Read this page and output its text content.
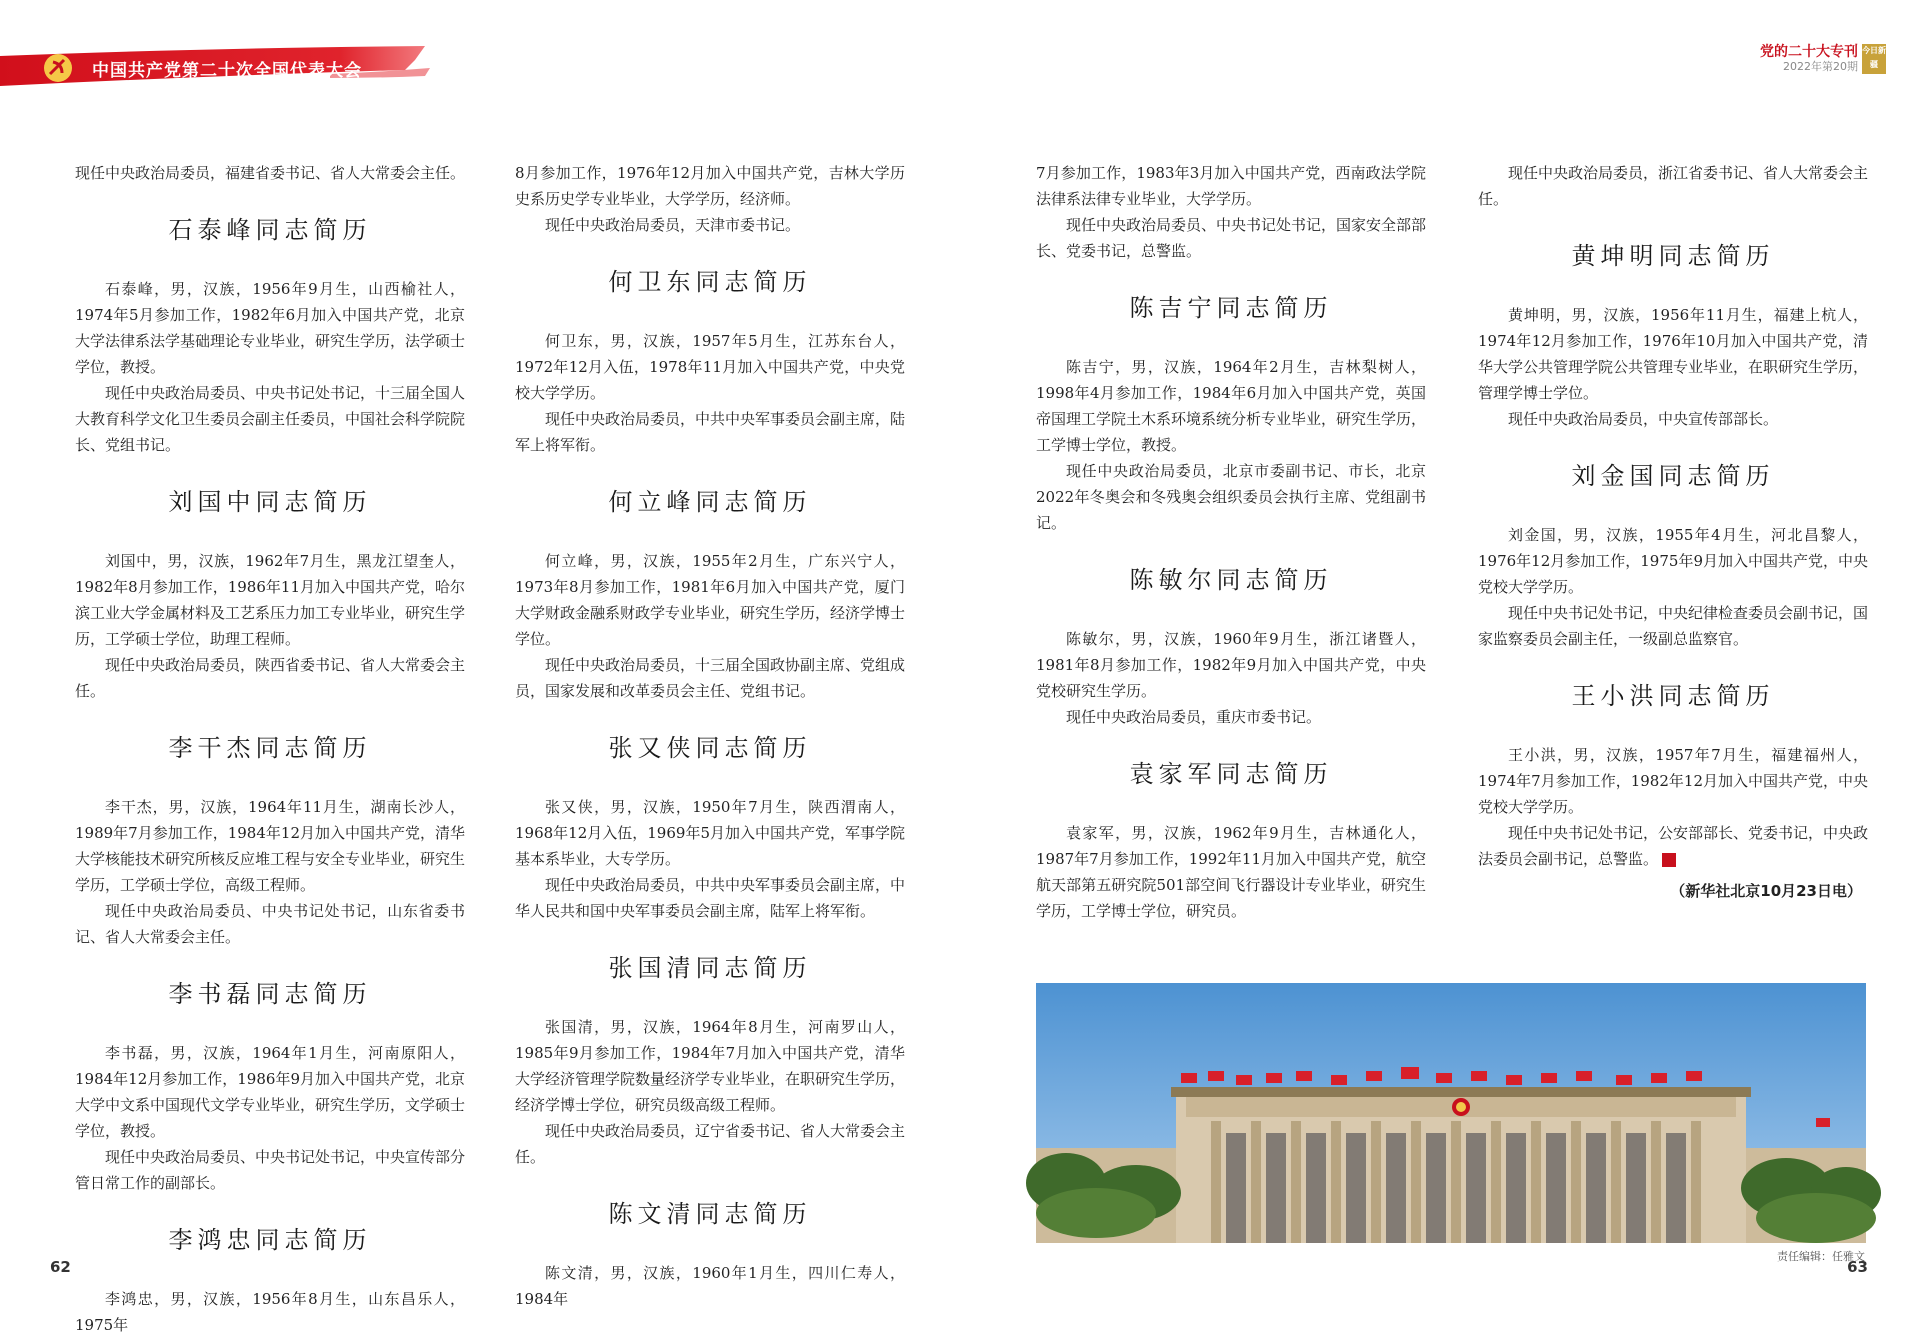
中国共产党第二十次全国代表大会
党的二十大专刊
2022年第20期
今日新疆

现任中央政治局委员，福建省委书记、省人大常委会主任。

石泰峰同志简历

石泰峰，男，汉族，1956年9月生，山西榆社人，1974年5月参加工作，1982年6月加入中国共产党，北京大学法律系法学基础理论专业毕业，研究生学历，法学硕士学位，教授。

现任中央政治局委员、中央书记处书记，十三届全国人大教育科学文化卫生委员会副主任委员，中国社会科学院院长、党组书记。

刘国中同志简历

刘国中，男，汉族，1962年7月生，黑龙江望奎人，1982年8月参加工作，1986年11月加入中国共产党，哈尔滨工业大学金属材料及工艺系压力加工专业毕业，研究生学历，工学硕士学位，助理工程师。

现任中央政治局委员，陕西省委书记、省人大常委会主任。

李干杰同志简历

李干杰，男，汉族，1964年11月生，湖南长沙人，1989年7月参加工作，1984年12月加入中国共产党，清华大学核能技术研究所核反应堆工程与安全专业毕业，研究生学历，工学硕士学位，高级工程师。

现任中央政治局委员、中央书记处书记，山东省委书记、省人大常委会主任。

李书磊同志简历

李书磊，男，汉族，1964年1月生，河南原阳人，1984年12月参加工作，1986年9月加入中国共产党，北京大学中文系中国现代文学专业毕业，研究生学历，文学硕士学位，教授。

现任中央政治局委员、中央书记处书记，中央宣传部分管日常工作的副部长。

李鸿忠同志简历

李鸿忠，男，汉族，1956年8月生，山东昌乐人，1975年

8月参加工作，1976年12月加入中国共产党，吉林大学历史系历史学专业毕业，大学学历，经济师。

现任中央政治局委员，天津市委书记。

何卫东同志简历

何卫东，男，汉族，1957年5月生，江苏东台人，1972年12月入伍，1978年11月加入中国共产党，中央党校大学学历。

现任中央政治局委员，中共中央军事委员会副主席，陆军上将军衔。

何立峰同志简历

何立峰，男，汉族，1955年2月生，广东兴宁人，1973年8月参加工作，1981年6月加入中国共产党，厦门大学财政金融系财政学专业毕业，研究生学历，经济学博士学位。

现任中央政治局委员，十三届全国政协副主席、党组成员，国家发展和改革委员会主任、党组书记。

张又侠同志简历

张又侠，男，汉族，1950年7月生，陕西渭南人，1968年12月入伍，1969年5月加入中国共产党，军事学院基本系毕业，大专学历。

现任中央政治局委员，中共中央军事委员会副主席，中华人民共和国中央军事委员会副主席，陆军上将军衔。

张国清同志简历

张国清，男，汉族，1964年8月生，河南罗山人，1985年9月参加工作，1984年7月加入中国共产党，清华大学经济管理学院数量经济学专业毕业，在职研究生学历，经济学博士学位，研究员级高级工程师。

现任中央政治局委员，辽宁省委书记、省人大常委会主任。

陈文清同志简历

陈文清，男，汉族，1960年1月生，四川仁寿人，1984年

7月参加工作，1983年3月加入中国共产党，西南政法学院法律系法律专业毕业，大学学历。

现任中央政治局委员、中央书记处书记，国家安全部部长、党委书记，总警监。

陈吉宁同志简历

陈吉宁，男，汉族，1964年2月生，吉林梨树人，1998年4月参加工作，1984年6月加入中国共产党，英国帝国理工学院土木系环境系统分析专业毕业，研究生学历，工学博士学位，教授。

现任中央政治局委员，北京市委副书记、市长，北京2022年冬奥会和冬残奥会组织委员会执行主席、党组副书记。

陈敏尔同志简历

陈敏尔，男，汉族，1960年9月生，浙江诸暨人，1981年8月参加工作，1982年9月加入中国共产党，中央党校研究生学历。

现任中央政治局委员，重庆市委书记。

袁家军同志简历

袁家军，男，汉族，1962年9月生，吉林通化人，1987年7月参加工作，1992年11月加入中国共产党，航空航天部第五研究院501部空间飞行器设计专业毕业，研究生学历，工学博士学位，研究员。

现任中央政治局委员，浙江省委书记、省人大常委会主任。

黄坤明同志简历

黄坤明，男，汉族，1956年11月生，福建上杭人，1974年12月参加工作，1976年10月加入中国共产党，清华大学公共管理学院公共管理专业毕业，在职研究生学历，管理学博士学位。

现任中央政治局委员，中央宣传部部长。

刘金国同志简历

刘金国，男，汉族，1955年4月生，河北昌黎人，1976年12月参加工作，1975年9月加入中国共产党，中央党校大学学历。

现任中央书记处书记，中央纪律检查委员会副书记，国家监察委员会副主任，一级副总监察官。

王小洪同志简历

王小洪，男，汉族，1957年7月生，福建福州人，1974年7月参加工作，1982年12月加入中国共产党，中央党校大学学历。

现任中央书记处书记，公安部部长、党委书记，中央政法委员会副书记，总警监。	J

（新华社北京10月23日电）
责任编辑：任雅文
62	63
